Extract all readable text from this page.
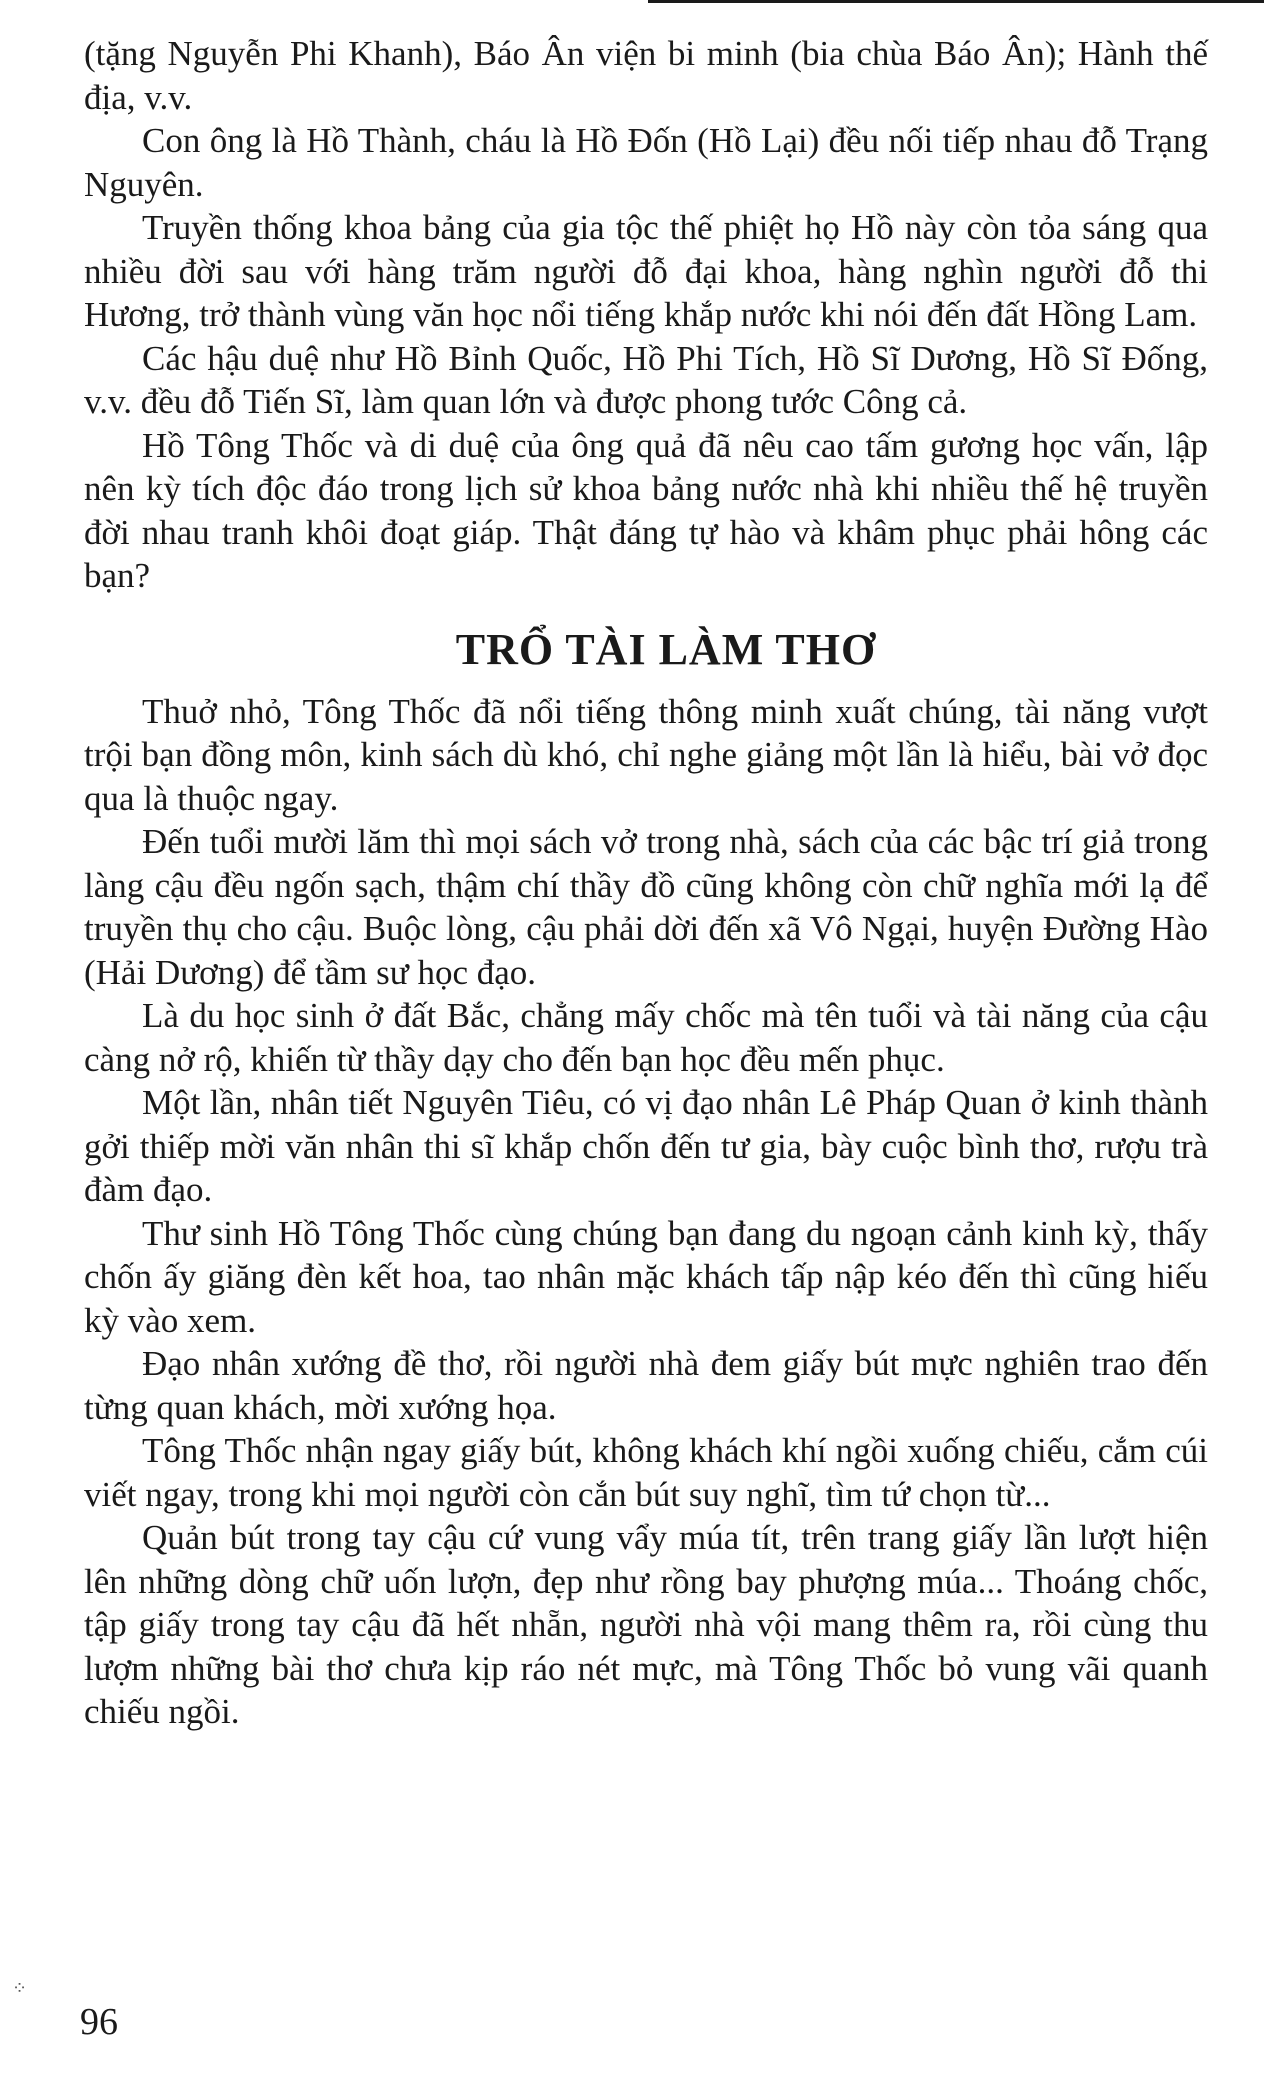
(tặng Nguyễn Phi Khanh), Báo Ân viện bi minh (bia chùa Báo Ân); Hành thế địa, v.v.

Con ông là Hồ Thành, cháu là Hồ Đốn (Hồ Lại) đều nối tiếp nhau đỗ Trạng Nguyên.

Truyền thống khoa bảng của gia tộc thế phiệt họ Hồ này còn tỏa sáng qua nhiều đời sau với hàng trăm người đỗ đại khoa, hàng nghìn người đỗ thi Hương, trở thành vùng văn học nổi tiếng khắp nước khi nói đến đất Hồng Lam.

Các hậu duệ như Hồ Bỉnh Quốc, Hồ Phi Tích, Hồ Sĩ Dương, Hồ Sĩ Đống, v.v. đều đỗ Tiến Sĩ, làm quan lớn và được phong tước Công cả.

Hồ Tông Thốc và di duệ của ông quả đã nêu cao tấm gương học vấn, lập nên kỳ tích độc đáo trong lịch sử khoa bảng nước nhà khi nhiều thế hệ truyền đời nhau tranh khôi đoạt giáp. Thật đáng tự hào và khâm phục phải hông các bạn?

TRỔ TÀI LÀM THƠ

Thuở nhỏ, Tông Thốc đã nổi tiếng thông minh xuất chúng, tài năng vượt trội bạn đồng môn, kinh sách dù khó, chỉ nghe giảng một lần là hiểu, bài vở đọc qua là thuộc ngay.

Đến tuổi mười lăm thì mọi sách vở trong nhà, sách của các bậc trí giả trong làng cậu đều ngốn sạch, thậm chí thầy đồ cũng không còn chữ nghĩa mới lạ để truyền thụ cho cậu. Buộc lòng, cậu phải dời đến xã Vô Ngại, huyện Đường Hào (Hải Dương) để tầm sư học đạo.

Là du học sinh ở đất Bắc, chẳng mấy chốc mà tên tuổi và tài năng của cậu càng nở rộ, khiến từ thầy dạy cho đến bạn học đều mến phục.

Một lần, nhân tiết Nguyên Tiêu, có vị đạo nhân Lê Pháp Quan ở kinh thành gởi thiếp mời văn nhân thi sĩ khắp chốn đến tư gia, bày cuộc bình thơ, rượu trà đàm đạo.

Thư sinh Hồ Tông Thốc cùng chúng bạn đang du ngoạn cảnh kinh kỳ, thấy chốn ấy giăng đèn kết hoa, tao nhân mặc khách tấp nập kéo đến thì cũng hiếu kỳ vào xem.

Đạo nhân xướng đề thơ, rồi người nhà đem giấy bút mực nghiên trao đến từng quan khách, mời xướng họa.

Tông Thốc nhận ngay giấy bút, không khách khí ngồi xuống chiếu, cắm cúi viết ngay, trong khi mọi người còn cắn bút suy nghĩ, tìm tứ chọn từ...

Quản bút trong tay cậu cứ vung vẩy múa tít, trên trang giấy lần lượt hiện lên những dòng chữ uốn lượn, đẹp như rồng bay phượng múa... Thoáng chốc, tập giấy trong tay cậu đã hết nhẵn, người nhà vội mang thêm ra, rồi cùng thu lượm những bài thơ chưa kịp ráo nét mực, mà Tông Thốc bỏ vung vãi quanh chiếu ngồi.

⁘
96
